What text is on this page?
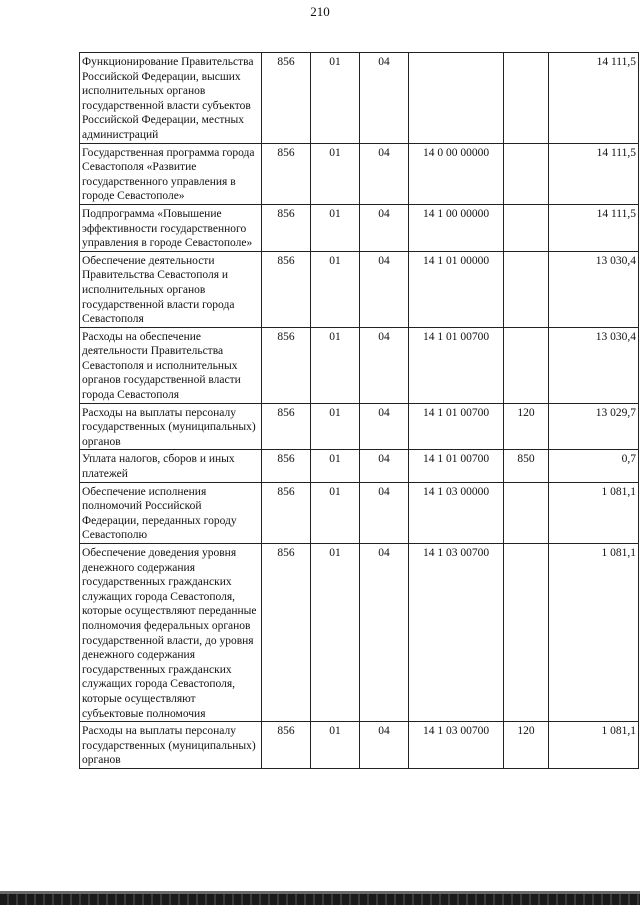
210
Функционирование Правительства Российской Федерации, высших исполнительных органов государственной власти субъектов Российской Федерации, местных администраций	856	01	04			14 111,5
Государственная программа города Севастополя «Развитие государственного управления в городе Севастополе»	856	01	04	14 0 00 00000		14 111,5
Подпрограмма «Повышение эффективности государственного управления в городе Севастополе»	856	01	04	14 1 00 00000		14 111,5
Обеспечение деятельности Правительства Севастополя и исполнительных органов государственной власти города Севастополя	856	01	04	14 1 01 00000		13 030,4
Расходы на обеспечение деятельности Правительства Севастополя и исполнительных органов государственной власти города Севастополя	856	01	04	14 1 01 00700		13 030,4
Расходы на выплаты персоналу государственных (муниципальных) органов	856	01	04	14 1 01 00700	120	13 029,7
Уплата налогов, сборов и иных платежей	856	01	04	14 1 01 00700	850	0,7
Обеспечение исполнения полномочий Российской Федерации, переданных городу Севастополю	856	01	04	14 1 03 00000		1 081,1
Обеспечение доведения уровня денежного содержания государственных гражданских служащих города Севастополя, которые осуществляют переданные полномочия федеральных органов государственной власти, до уровня денежного содержания государственных гражданских служащих города Севастополя, которые осуществляют субъектовые полномочия	856	01	04	14 1 03 00700		1 081,1
Расходы на выплаты персоналу государственных (муниципальных) органов	856	01	04	14 1 03 00700	120	1 081,1
